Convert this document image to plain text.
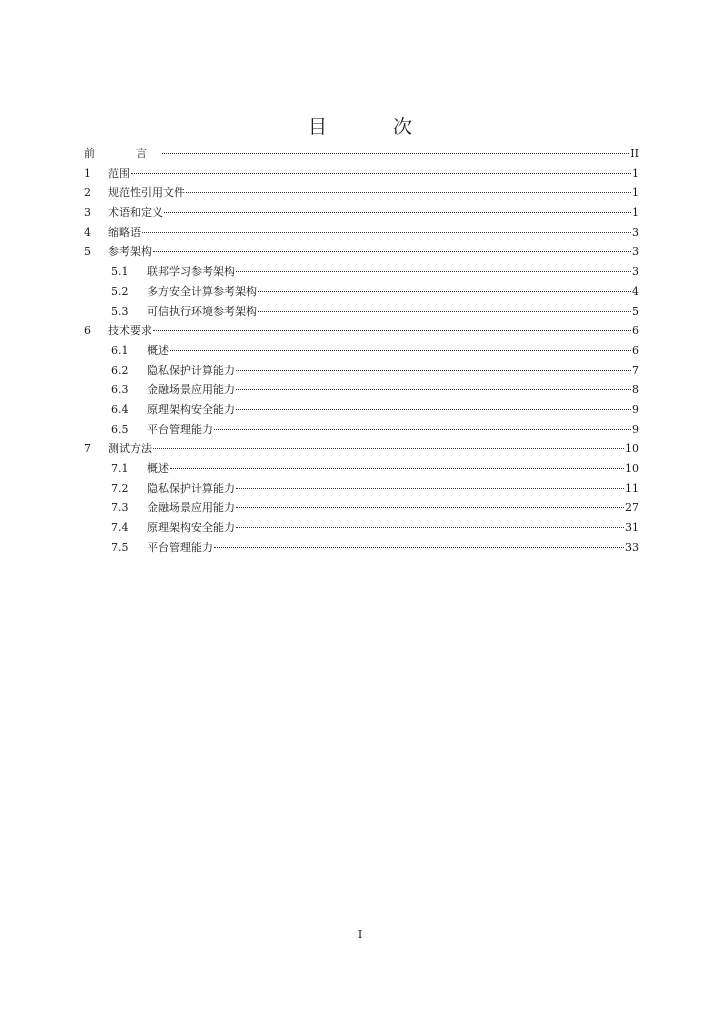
目 次
前	言	II
1	范围	1
2	规范性引用文件	1
3	术语和定义	1
4	缩略语	3
5	参考架构	3
5.1	联邦学习参考架构	3
5.2	多方安全计算参考架构	4
5.3	可信执行环境参考架构	5
6	技术要求	6
6.1	概述	6
6.2	隐私保护计算能力	7
6.3	金融场景应用能力	8
6.4	原理架构安全能力	9
6.5	平台管理能力	9
7	测试方法	10
7.1	概述	10
7.2	隐私保护计算能力	11
7.3	金融场景应用能力	27
7.4	原理架构安全能力	31
7.5	平台管理能力	33
I
